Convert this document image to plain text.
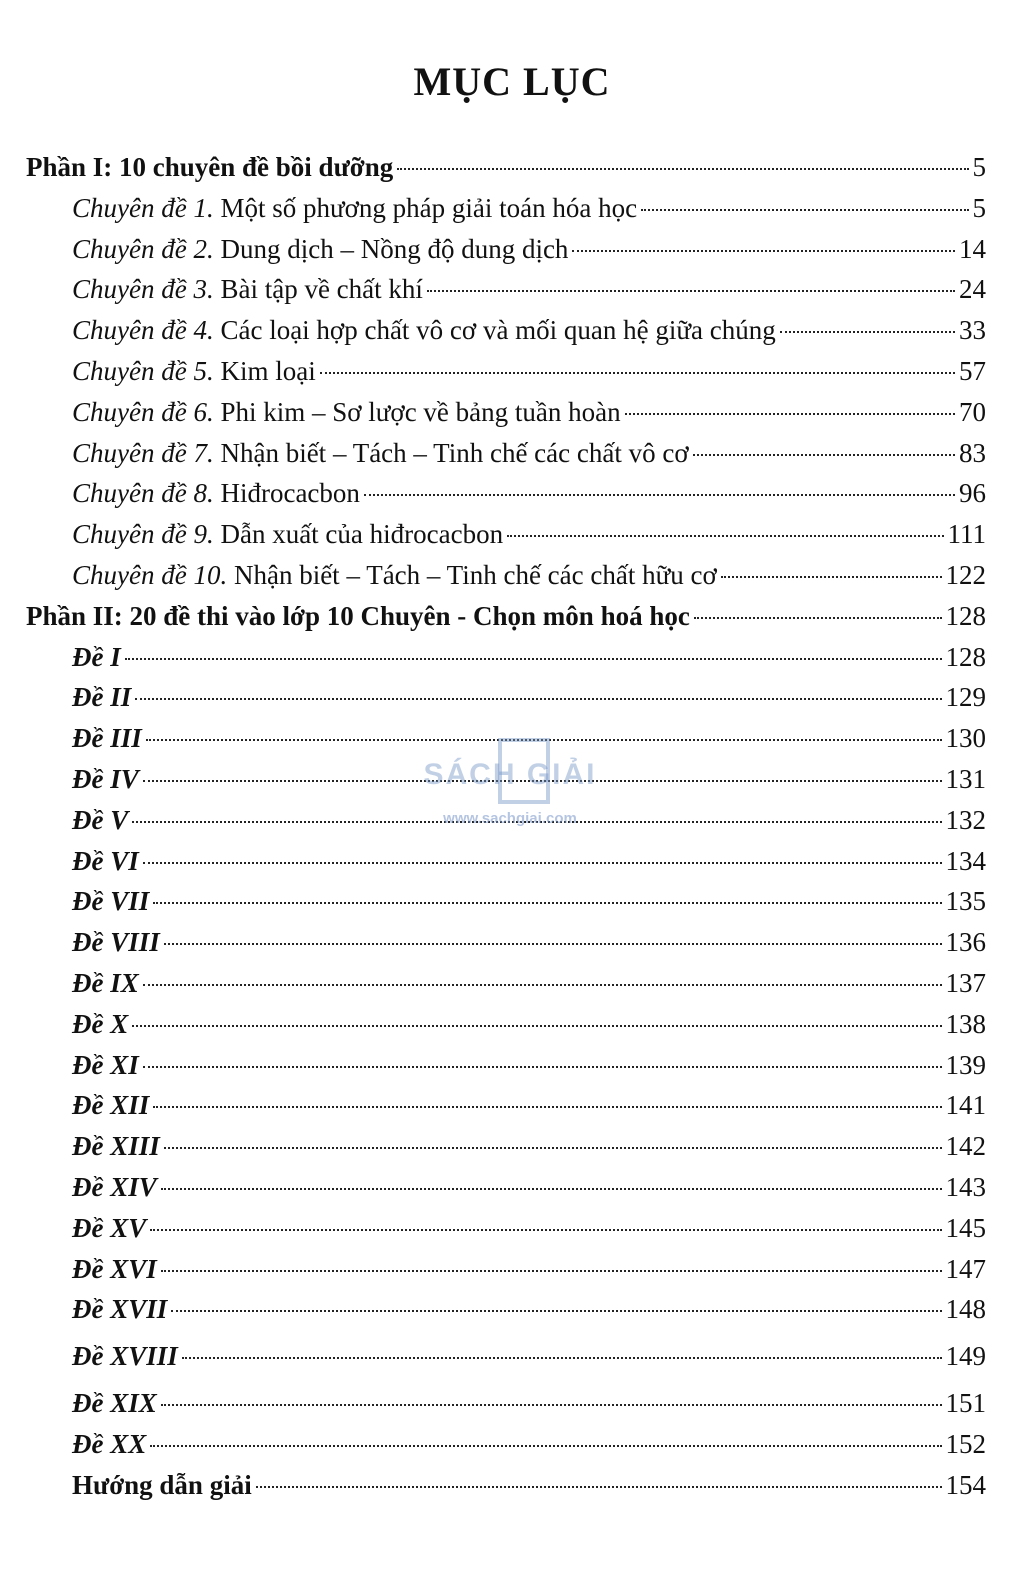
MỤC LỤC
Phần I: 10 chuyên đề bồi dưỡng	5
Chuyên đề 1. Một số phương pháp giải toán hóa học	5
Chuyên đề 2. Dung dịch – Nồng độ dung dịch	14
Chuyên đề 3. Bài tập về chất khí	24
Chuyên đề 4. Các loại hợp chất vô cơ và mối quan hệ giữa chúng	33
Chuyên đề 5. Kim loại	57
Chuyên đề 6. Phi kim – Sơ lược về bảng tuần hoàn	70
Chuyên đề 7. Nhận biết – Tách – Tinh chế các chất vô cơ	83
Chuyên đề 8. Hiđrocacbon	96
Chuyên đề 9. Dẫn xuất của hiđrocacbon	111
Chuyên đề 10. Nhận biết – Tách – Tinh chế các chất hữu cơ	122
Phần II: 20 đề thi vào lớp 10 Chuyên - Chọn môn hoá học	128
Đề I	128
Đề II	129
Đề III	130
Đề IV	131
Đề V	132
Đề VI	134
Đề VII	135
Đề VIII	136
Đề IX	137
Đề X	138
Đề XI	139
Đề XII	141
Đề XIII	142
Đề XIV	143
Đề XV	145
Đề XVI	147
Đề XVII	148
Đề XVIII	149
Đề XIX	151
Đề XX	152
Hướng dẫn giải	154
SÁCH GIẢI
www.sachgiai.com
